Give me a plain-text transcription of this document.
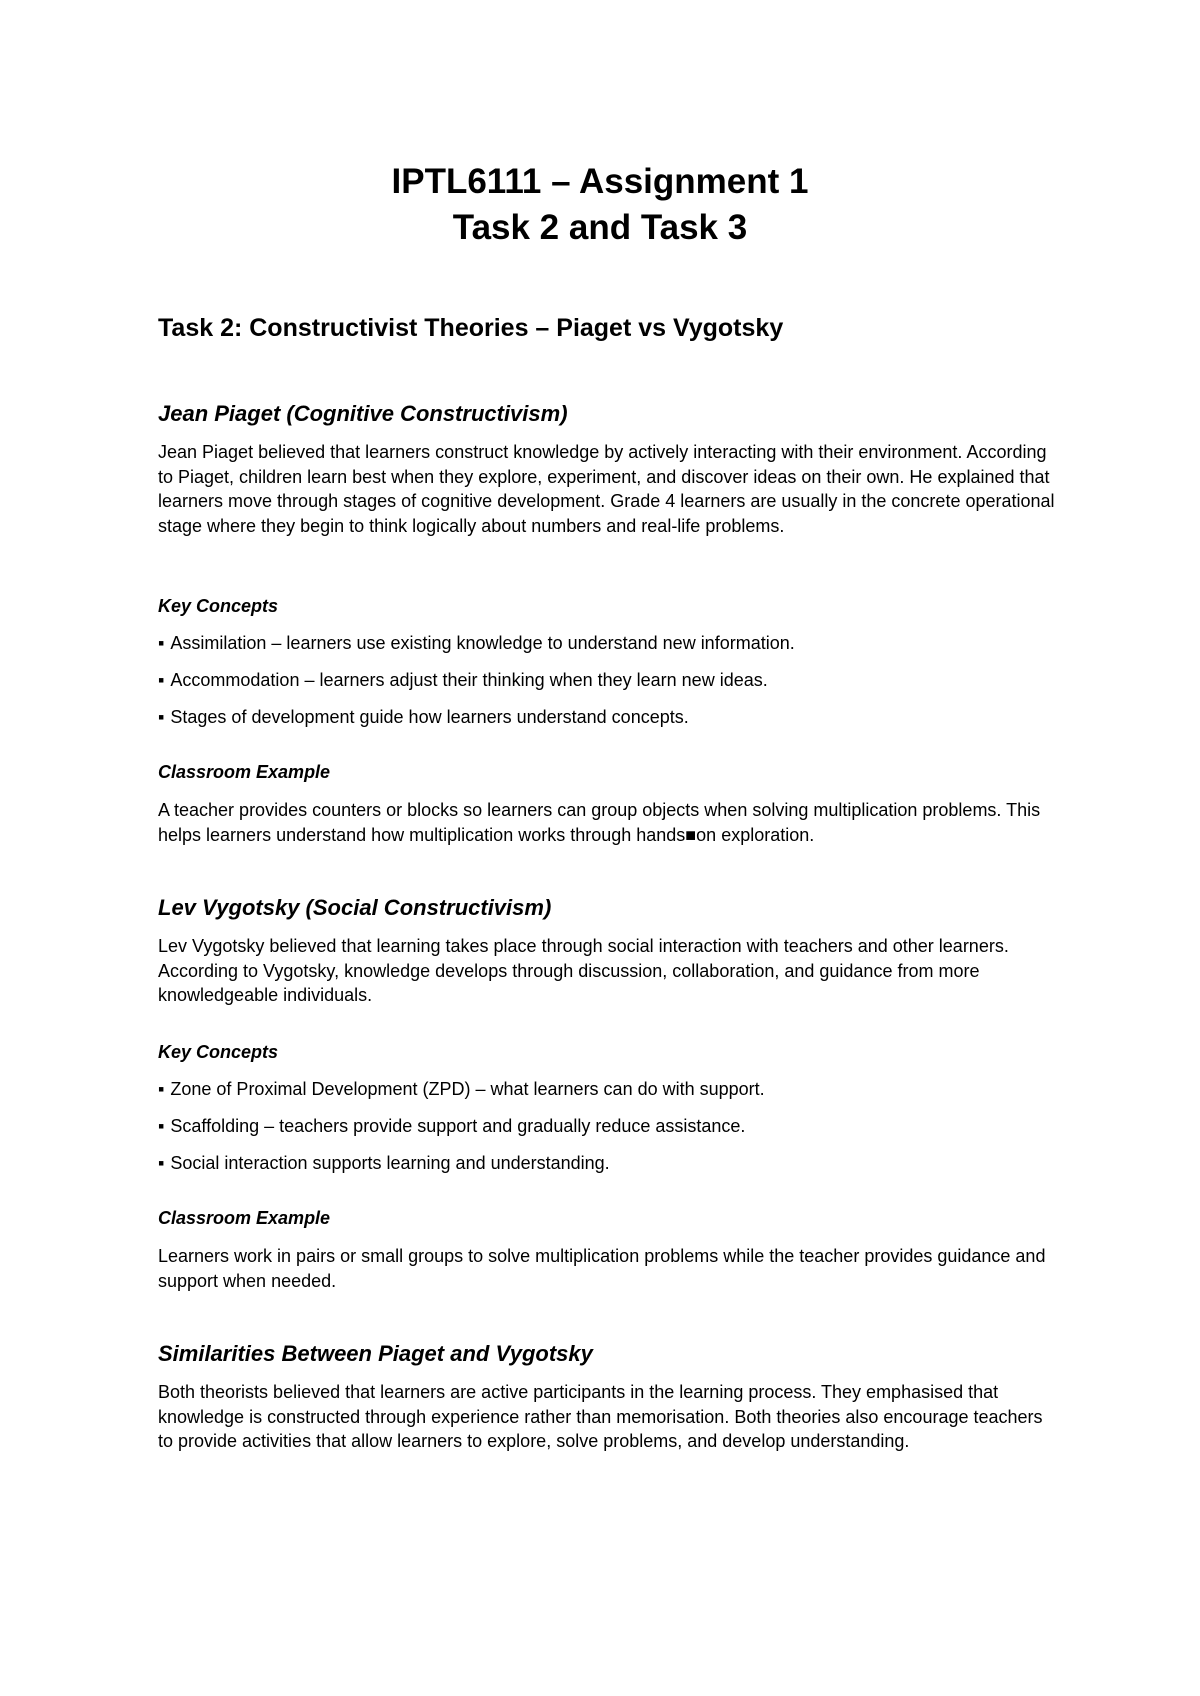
IPTL6111 – Assignment 1
Task 2 and Task 3
Task 2: Constructivist Theories – Piaget vs Vygotsky
Jean Piaget (Cognitive Constructivism)

Jean Piaget believed that learners construct knowledge by actively interacting with their environment. According to Piaget, children learn best when they explore, experiment, and discover ideas on their own. He explained that learners move through stages of cognitive development. Grade 4 learners are usually in the concrete operational stage where they begin to think logically about numbers and real-life problems.

Key Concepts
▪ Assimilation – learners use existing knowledge to understand new information.
▪ Accommodation – learners adjust their thinking when they learn new ideas.
▪ Stages of development guide how learners understand concepts.
Classroom Example

A teacher provides counters or blocks so learners can group objects when solving multiplication problems. This helps learners understand how multiplication works through hands■on exploration.

Lev Vygotsky (Social Constructivism)

Lev Vygotsky believed that learning takes place through social interaction with teachers and other learners. According to Vygotsky, knowledge develops through discussion, collaboration, and guidance from more knowledgeable individuals.

Key Concepts
▪ Zone of Proximal Development (ZPD) – what learners can do with support.
▪ Scaffolding – teachers provide support and gradually reduce assistance.
▪ Social interaction supports learning and understanding.
Classroom Example

Learners work in pairs or small groups to solve multiplication problems while the teacher provides guidance and support when needed.

Similarities Between Piaget and Vygotsky

Both theorists believed that learners are active participants in the learning process. They emphasised that knowledge is constructed through experience rather than memorisation. Both theories also encourage teachers to provide activities that allow learners to explore, solve problems, and develop understanding.
